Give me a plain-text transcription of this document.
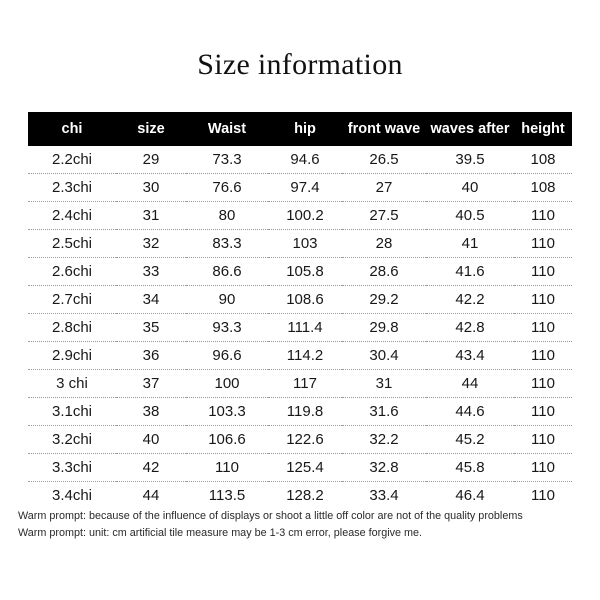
Size information
chi	size	Waist	hip	front wave	waves after	height
2.2chi	29	73.3	94.6	26.5	39.5	108
2.3chi	30	76.6	97.4	27	40	108
2.4chi	31	80	100.2	27.5	40.5	110
2.5chi	32	83.3	103	28	41	110
2.6chi	33	86.6	105.8	28.6	41.6	110
2.7chi	34	90	108.6	29.2	42.2	110
2.8chi	35	93.3	111.4	29.8	42.8	110
2.9chi	36	96.6	114.2	30.4	43.4	110
3 chi	37	100	117	31	44	110
3.1chi	38	103.3	119.8	31.6	44.6	110
3.2chi	40	106.6	122.6	32.2	45.2	110
3.3chi	42	110	125.4	32.8	45.8	110
3.4chi	44	113.5	128.2	33.4	46.4	110
Warm prompt: because of the influence of displays or shoot a little off color are not of the quality problems
Warm prompt: unit: cm artificial tile measure may be 1-3 cm error, please forgive me.
